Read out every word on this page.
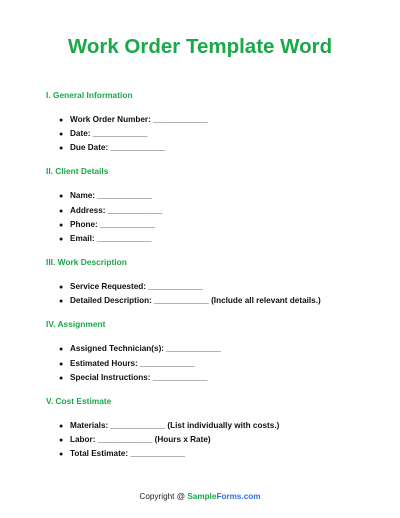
Work Order Template Word
I. General Information
● Work Order Number: ____________
● Date: ____________
● Due Date: ____________
II. Client Details
● Name: ____________
● Address: ____________
● Phone: ____________
● Email: ____________
III. Work Description
● Service Requested: ____________
● Detailed Description: ____________ (Include all relevant details.)
IV. Assignment
● Assigned Technician(s): ____________
● Estimated Hours: ____________
● Special Instructions: ____________
V. Cost Estimate
● Materials: ____________ (List individually with costs.)
● Labor: ____________ (Hours x Rate)
● Total Estimate: ____________
Copyright @ SampleForms.com
